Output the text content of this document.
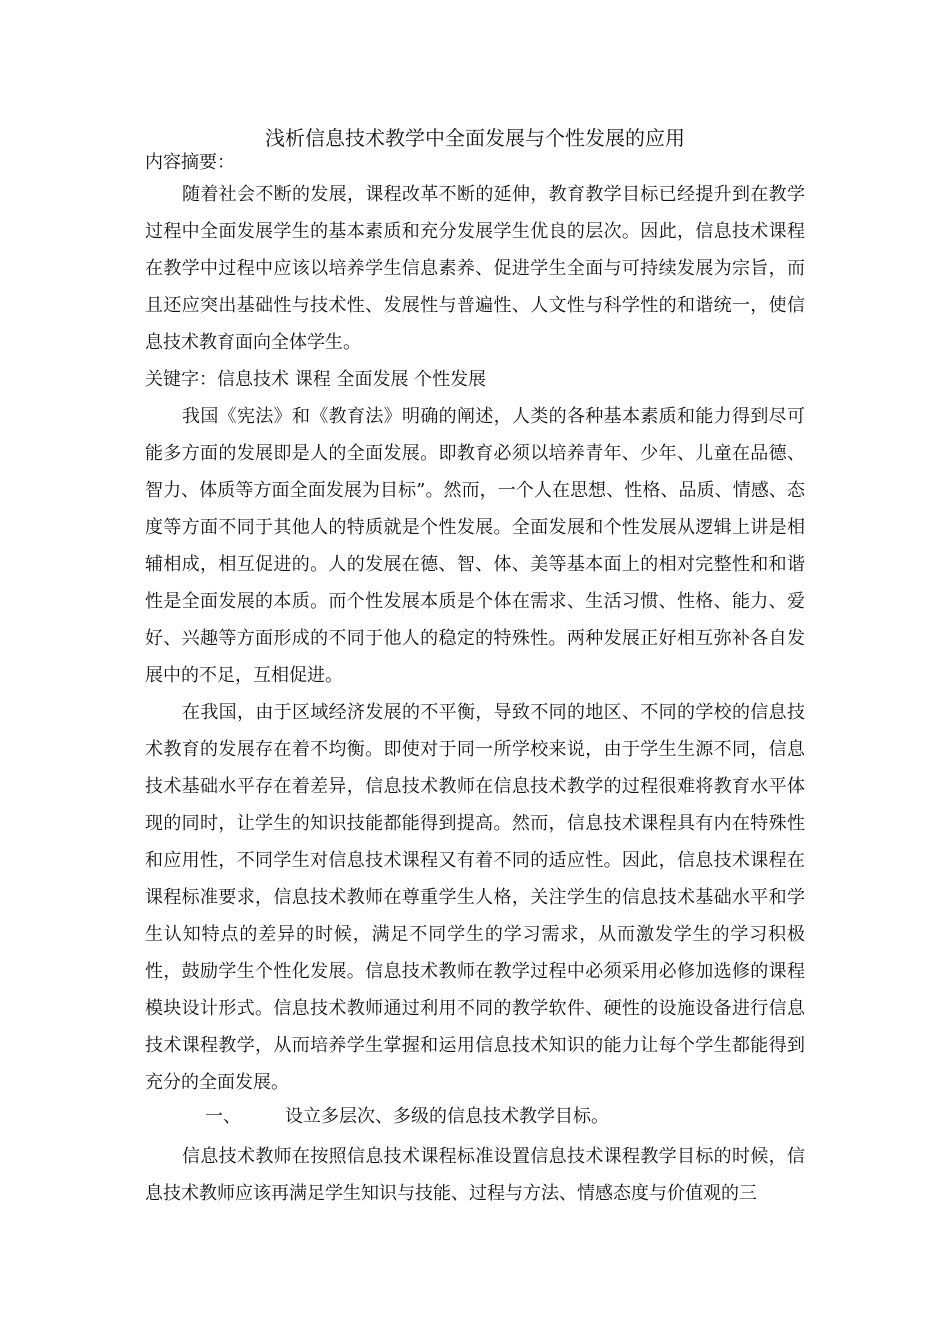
浅析信息技术教学中全面发展与个性发展的应用
内容摘要：

随着社会不断的发展，课程改革不断的延伸，教育教学目标已经提升到在教学过程中全面发展学生的基本素质和充分发展学生优良的层次。因此，信息技术课程在教学中过程中应该以培养学生信息素养、促进学生全面与可持续发展为宗旨，而且还应突出基础性与技术性、发展性与普遍性、人文性与科学性的和谐统一，使信息技术教育面向全体学生。

关键字：信息技术 课程 全面发展 个性发展

我国《宪法》和《教育法》明确的阐述，人类的各种基本素质和能力得到尽可能多方面的发展即是人的全面发展。即教育必须以培养青年、少年、儿童在品德、智力、体质等方面全面发展为目标”。然而，一个人在思想、性格、品质、情感、态度等方面不同于其他人的特质就是个性发展。全面发展和个性发展从逻辑上讲是相辅相成，相互促进的。人的发展在德、智、体、美等基本面上的相对完整性和和谐性是全面发展的本质。而个性发展本质是个体在需求、生活习惯、性格、能力、爱好、兴趣等方面形成的不同于他人的稳定的特殊性。两种发展正好相互弥补各自发展中的不足，互相促进。

在我国，由于区域经济发展的不平衡，导致不同的地区、不同的学校的信息技术教育的发展存在着不均衡。即使对于同一所学校来说，由于学生生源不同，信息技术基础水平存在着差异，信息技术教师在信息技术教学的过程很难将教育水平体现的同时，让学生的知识技能都能得到提高。然而，信息技术课程具有内在特殊性和应用性，不同学生对信息技术课程又有着不同的适应性。因此，信息技术课程在课程标准要求，信息技术教师在尊重学生人格，关注学生的信息技术基础水平和学生认知特点的差异的时候，满足不同学生的学习需求，从而激发学生的学习积极性，鼓励学生个性化发展。信息技术教师在教学过程中必须采用必修加选修的课程模块设计形式。信息技术教师通过利用不同的教学软件、硬性的设施设备进行信息技术课程教学，从而培养学生掌握和运用信息技术知识的能力让每个学生都能得到充分的全面发展。

一、 设立多层次、多级的信息技术教学目标。

信息技术教师在按照信息技术课程标准设置信息技术课程教学目标的时候，信息技术教师应该再满足学生知识与技能、过程与方法、情感态度与价值观的三
